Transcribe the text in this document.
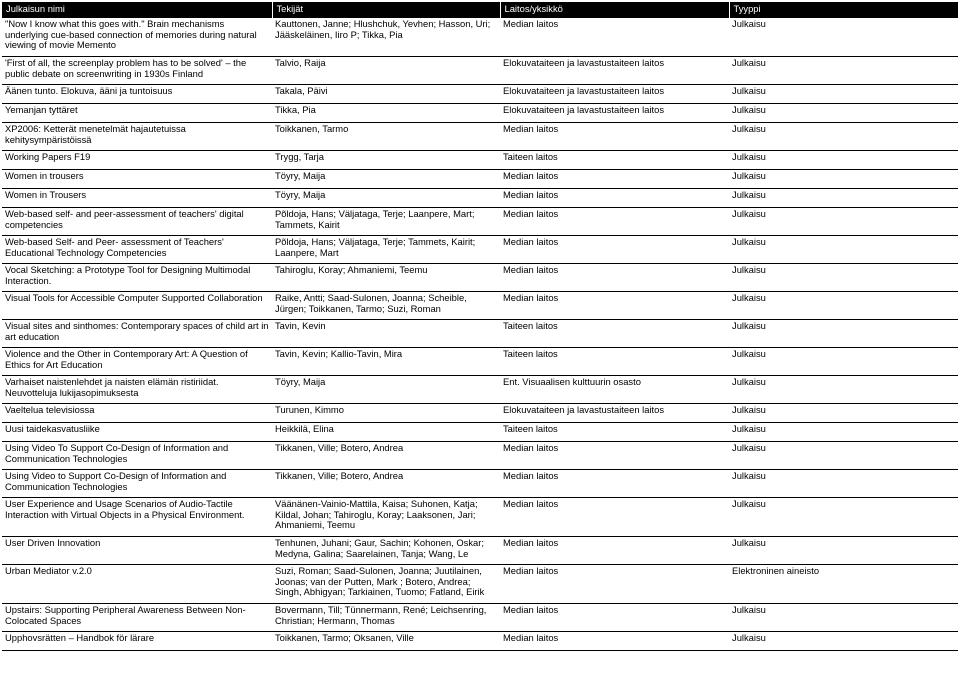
Julkaisun nimi	Tekijät	Laitos/yksikkö	Tyyppi
"Now I know what this goes with." Brain mechanisms underlying cue-based connection of memories during natural viewing of movie Memento	Kauttonen, Janne; Hlushchuk, Yevhen; Hasson, Uri; Jääskeläinen, Iiro P; Tikka, Pia	Median laitos	Julkaisu
'First of all, the screenplay problem has to be solved' – the public debate on screenwriting in 1930s Finland	Talvio, Raija	Elokuvataiteen ja lavastustaiteen laitos	Julkaisu
Äänen tunto. Elokuva, ääni ja tuntoisuus	Takala, Päivi	Elokuvataiteen ja lavastustaiteen laitos	Julkaisu
Yemanjan tyttäret	Tikka, Pia	Elokuvataiteen ja lavastustaiteen laitos	Julkaisu
XP2006: Ketterät menetelmät hajautetuissa kehitysympäristöissä	Toikkanen, Tarmo	Median laitos	Julkaisu
Working Papers F19	Trygg, Tarja	Taiteen laitos	Julkaisu
Women in trousers	Töyry, Maija	Median laitos	Julkaisu
Women in Trousers	Töyry, Maija	Median laitos	Julkaisu
Web-based self- and peer-assessment of teachers' digital competencies	Põldoja, Hans; Väljataga, Terje; Laanpere, Mart; Tammets, Kairit	Median laitos	Julkaisu
Web-based Self- and Peer- assessment of Teachers' Educational Technology Competencies	Põldoja, Hans; Väljataga, Terje; Tammets, Kairit; Laanpere, Mart	Median laitos	Julkaisu
Vocal Sketching: a Prototype Tool for Designing Multimodal Interaction.	Tahiroglu, Koray; Ahmaniemi, Teemu	Median laitos	Julkaisu
Visual Tools for Accessible Computer Supported Collaboration	Raike, Antti; Saad-Sulonen, Joanna; Scheible, Jürgen; Toikkanen, Tarmo; Suzi, Roman	Median laitos	Julkaisu
Visual sites and sinthomes: Contemporary spaces of child art in art education	Tavin, Kevin	Taiteen laitos	Julkaisu
Violence and the Other in Contemporary Art: A Question of Ethics for Art Education	Tavin, Kevin; Kallio-Tavin, Mira	Taiteen laitos	Julkaisu
Varhaiset naistenlehdet ja naisten elämän ristiriidat. Neuvotteluja lukijasopimuksesta	Töyry, Maija	Ent. Visuaalisen kulttuurin osasto	Julkaisu
Vaeltelua televisiossa	Turunen, Kimmo	Elokuvataiteen ja lavastustaiteen laitos	Julkaisu
Uusi taidekasvatusliike	Heikkilä, Elina	Taiteen laitos	Julkaisu
Using Video To Support Co-Design of Information and Communication Technologies	Tikkanen, Ville; Botero, Andrea	Median laitos	Julkaisu
Using Video to Support Co-Design of Information and Communication Technologies	Tikkanen, Ville; Botero, Andrea	Median laitos	Julkaisu
User Experience and Usage Scenarios of Audio-Tactile Interaction with Virtual Objects in a Physical Environment.	Väänänen-Vainio-Mattila, Kaisa; Suhonen, Katja; Kildal, Johan; Tahiroglu, Koray; Laaksonen, Jari; Ahmaniemi, Teemu	Median laitos	Julkaisu
User Driven Innovation	Tenhunen, Juhani; Gaur, Sachin; Kohonen, Oskar; Medyna, Galina; Saarelainen, Tanja; Wang, Le	Median laitos	Julkaisu
Urban Mediator v.2.0	Suzi, Roman; Saad-Sulonen, Joanna; Juutilainen, Joonas; van der Putten, Mark ; Botero, Andrea; Singh, Abhigyan; Tarkiainen, Tuomo; Fatland, Eirik	Median laitos	Elektroninen aineisto
Upstairs: Supporting Peripheral Awareness Between Non-Colocated Spaces	Bovermann, Till; Tünnermann, René; Leichsenring, Christian; Hermann, Thomas	Median laitos	Julkaisu
Upphovsrätten – Handbok för lärare	Toikkanen, Tarmo; Oksanen, Ville	Median laitos	Julkaisu
